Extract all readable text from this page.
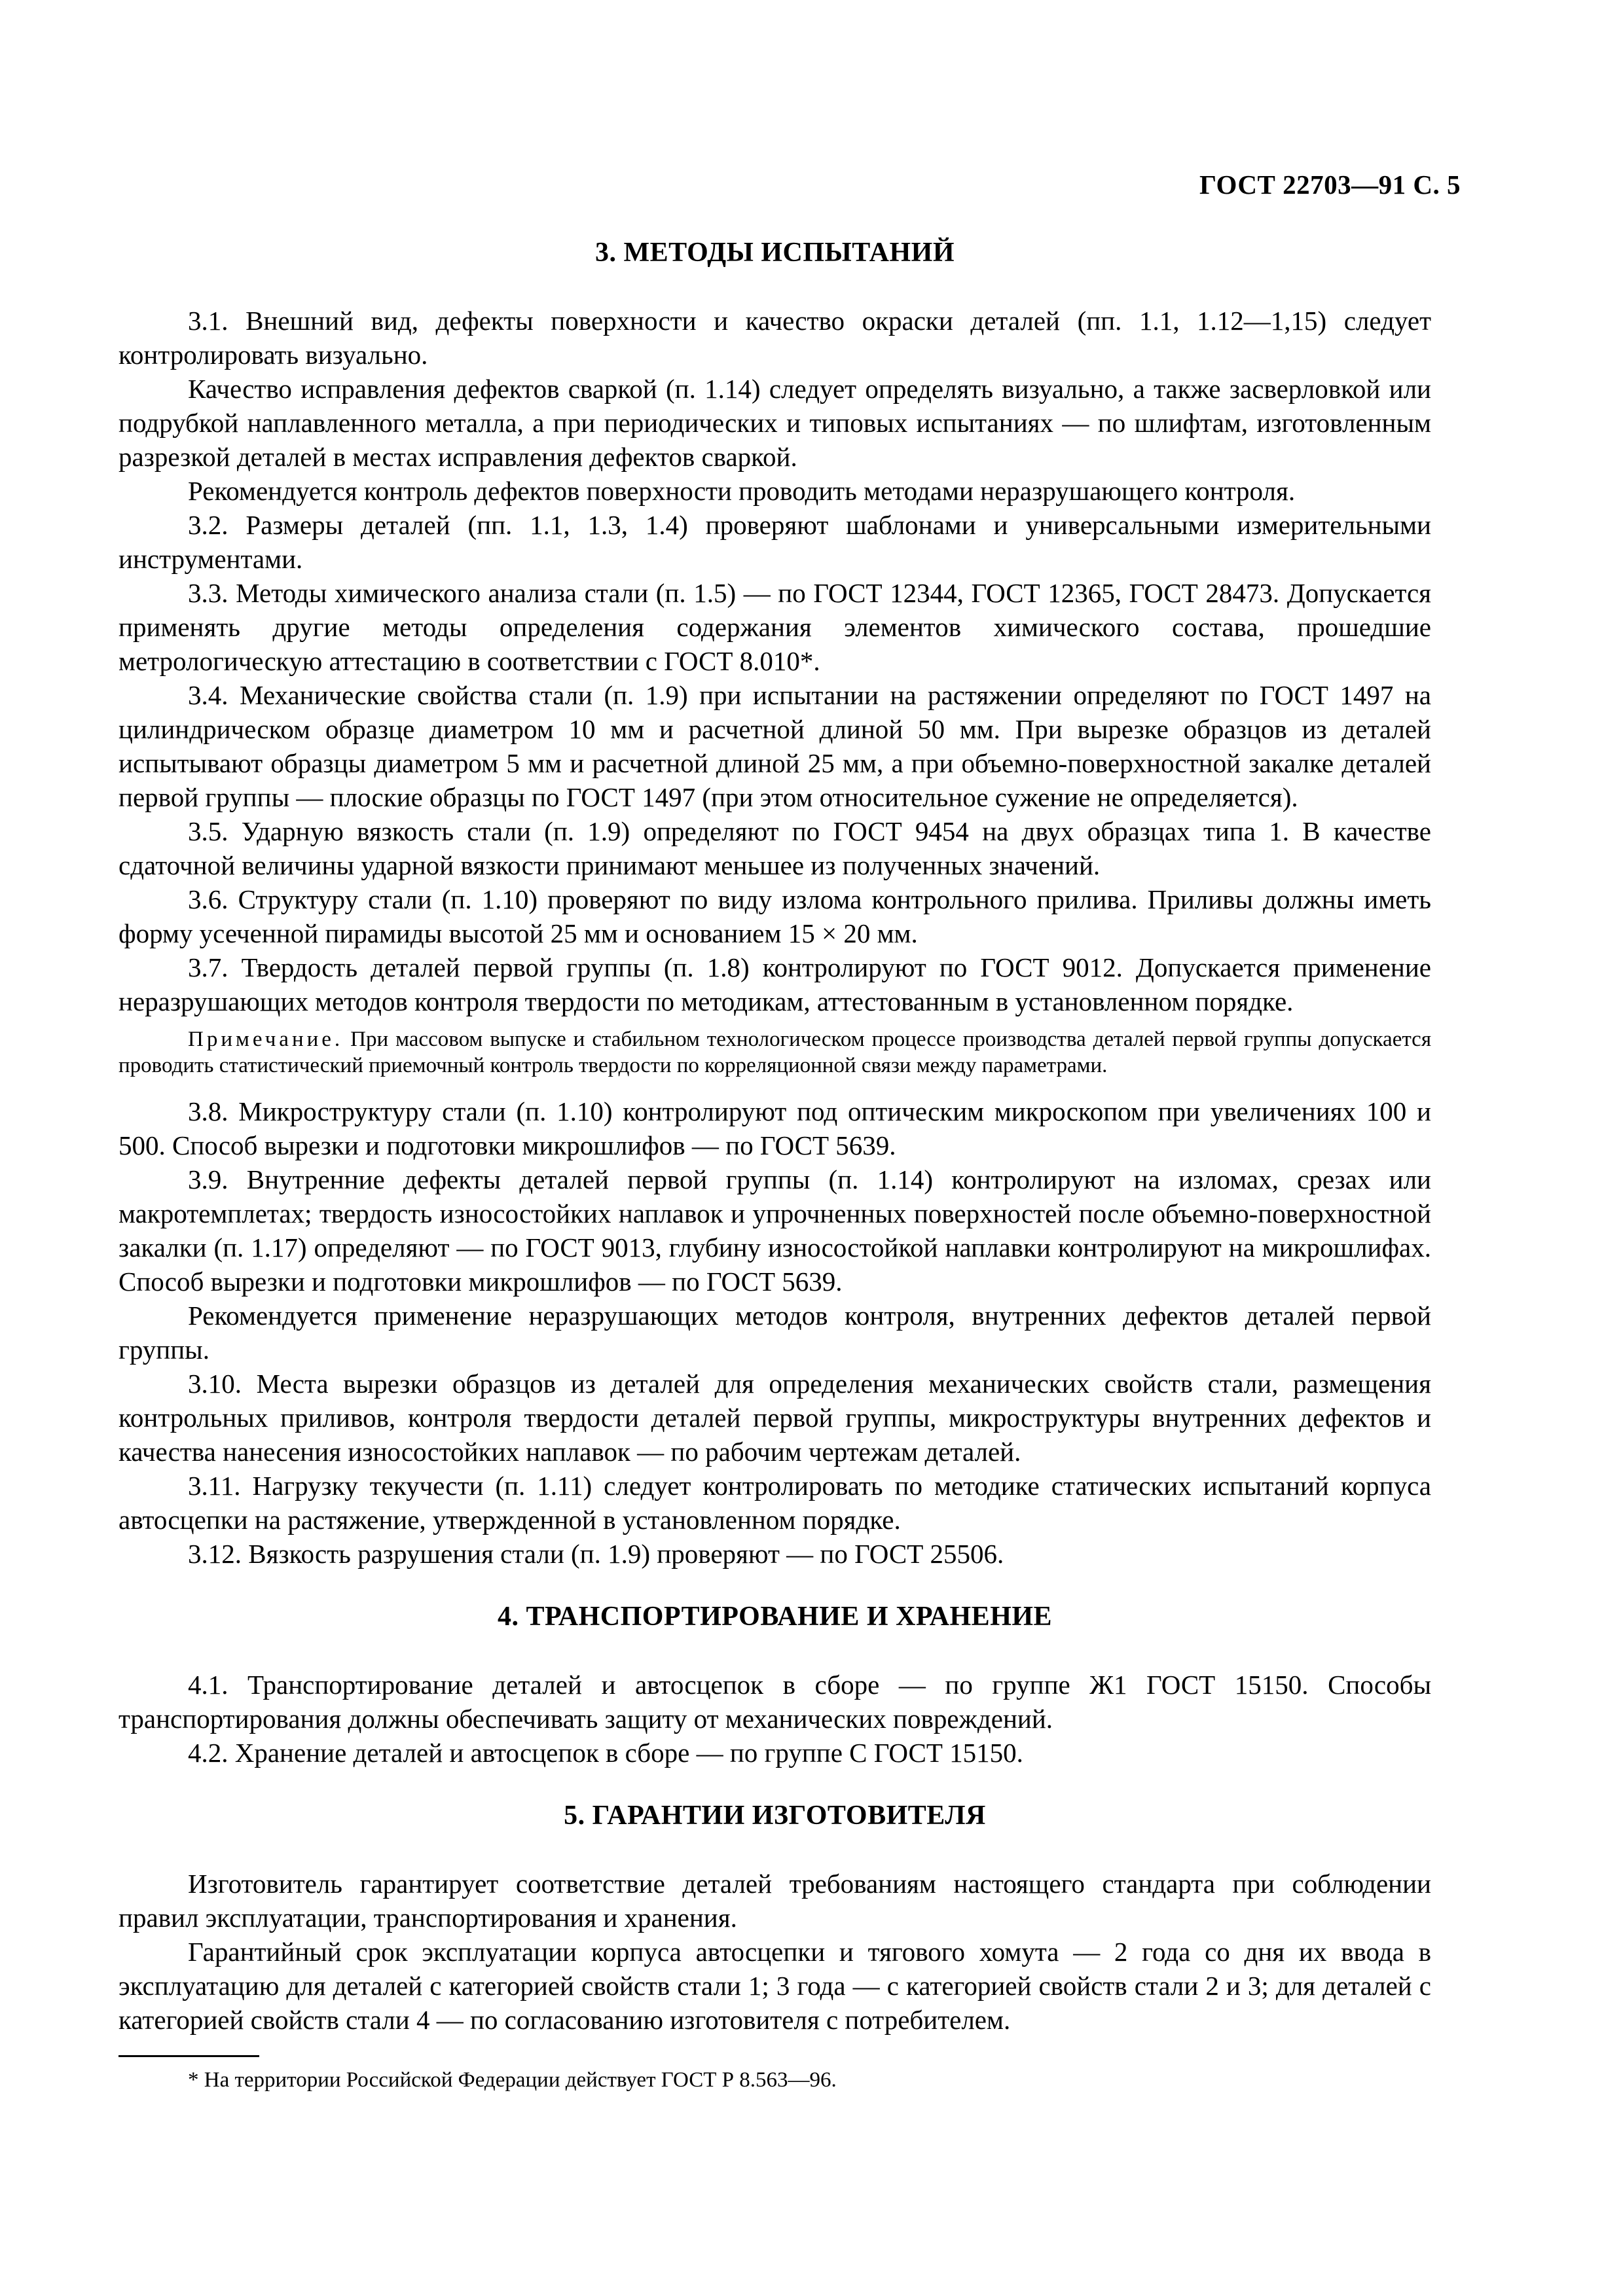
ГОСТ 22703—91 С. 5
3. МЕТОДЫ ИСПЫТАНИЙ

3.1. Внешний вид, дефекты поверхности и качество окраски деталей (пп. 1.1, 1.12—1,15) следует контролировать визуально.

Качество исправления дефектов сваркой (п. 1.14) следует определять визуально, а также засверловкой или подрубкой наплавленного металла, а при периодических и типовых испытаниях — по шлифтам, изготовленным разрезкой деталей в местах исправления дефектов сваркой.

Рекомендуется контроль дефектов поверхности проводить методами неразрушающего контроля.

3.2. Размеры деталей (пп. 1.1, 1.3, 1.4) проверяют шаблонами и универсальными измерительными инструментами.

3.3. Методы химического анализа стали (п. 1.5) — по ГОСТ 12344, ГОСТ 12365, ГОСТ 28473. Допускается применять другие методы определения содержания элементов химического состава, прошедшие метрологическую аттестацию в соответствии с ГОСТ 8.010*.

3.4. Механические свойства стали (п. 1.9) при испытании на растяжении определяют по ГОСТ 1497 на цилиндрическом образце диаметром 10 мм и расчетной длиной 50 мм. При вырезке образцов из деталей испытывают образцы диаметром 5 мм и расчетной длиной 25 мм, а при объемно-поверхностной закалке деталей первой группы — плоские образцы по ГОСТ 1497 (при этом относительное сужение не определяется).

3.5. Ударную вязкость стали (п. 1.9) определяют по ГОСТ 9454 на двух образцах типа 1. В качестве сдаточной величины ударной вязкости принимают меньшее из полученных значений.

3.6. Структуру стали (п. 1.10) проверяют по виду излома контрольного прилива. Приливы должны иметь форму усеченной пирамиды высотой 25 мм и основанием 15 × 20 мм.

3.7. Твердость деталей первой группы (п. 1.8) контролируют по ГОСТ 9012. Допускается применение неразрушающих методов контроля твердости по методикам, аттестованным в установленном порядке.

Примечание. При массовом выпуске и стабильном технологическом процессе производства деталей первой группы допускается проводить статистический приемочный контроль твердости по корреляционной связи между параметрами.

3.8. Микроструктуру стали (п. 1.10) контролируют под оптическим микроскопом при увеличениях 100 и 500. Способ вырезки и подготовки микрошлифов — по ГОСТ 5639.

3.9. Внутренние дефекты деталей первой группы (п. 1.14) контролируют на изломах, срезах или макротемплетах; твердость износостойких наплавок и упрочненных поверхностей после объемно-поверхностной закалки (п. 1.17) определяют — по ГОСТ 9013, глубину износостойкой наплавки контролируют на микрошлифах. Способ вырезки и подготовки микрошлифов — по ГОСТ 5639.

Рекомендуется применение неразрушающих методов контроля, внутренних дефектов деталей первой группы.

3.10. Места вырезки образцов из деталей для определения механических свойств стали, размещения контрольных приливов, контроля твердости деталей первой группы, микроструктуры внутренних дефектов и качества нанесения износостойких наплавок — по рабочим чертежам деталей.

3.11. Нагрузку текучести (п. 1.11) следует контролировать по методике статических испытаний корпуса автосцепки на растяжение, утвержденной в установленном порядке.

3.12. Вязкость разрушения стали (п. 1.9) проверяют — по ГОСТ 25506.

4. ТРАНСПОРТИРОВАНИЕ И ХРАНЕНИЕ

4.1. Транспортирование деталей и автосцепок в сборе — по группе Ж1 ГОСТ 15150. Способы транспортирования должны обеспечивать защиту от механических повреждений.

4.2. Хранение деталей и автосцепок в сборе — по группе С ГОСТ 15150.

5. ГАРАНТИИ ИЗГОТОВИТЕЛЯ

Изготовитель гарантирует соответствие деталей требованиям настоящего стандарта при соблюдении правил эксплуатации, транспортирования и хранения.

Гарантийный срок эксплуатации корпуса автосцепки и тягового хомута — 2 года со дня их ввода в эксплуатацию для деталей с категорией свойств стали 1; 3 года — с категорией свойств стали 2 и 3; для деталей с категорией свойств стали 4 — по согласованию изготовителя с потребителем.

* На территории Российской Федерации действует ГОСТ Р 8.563—96.
